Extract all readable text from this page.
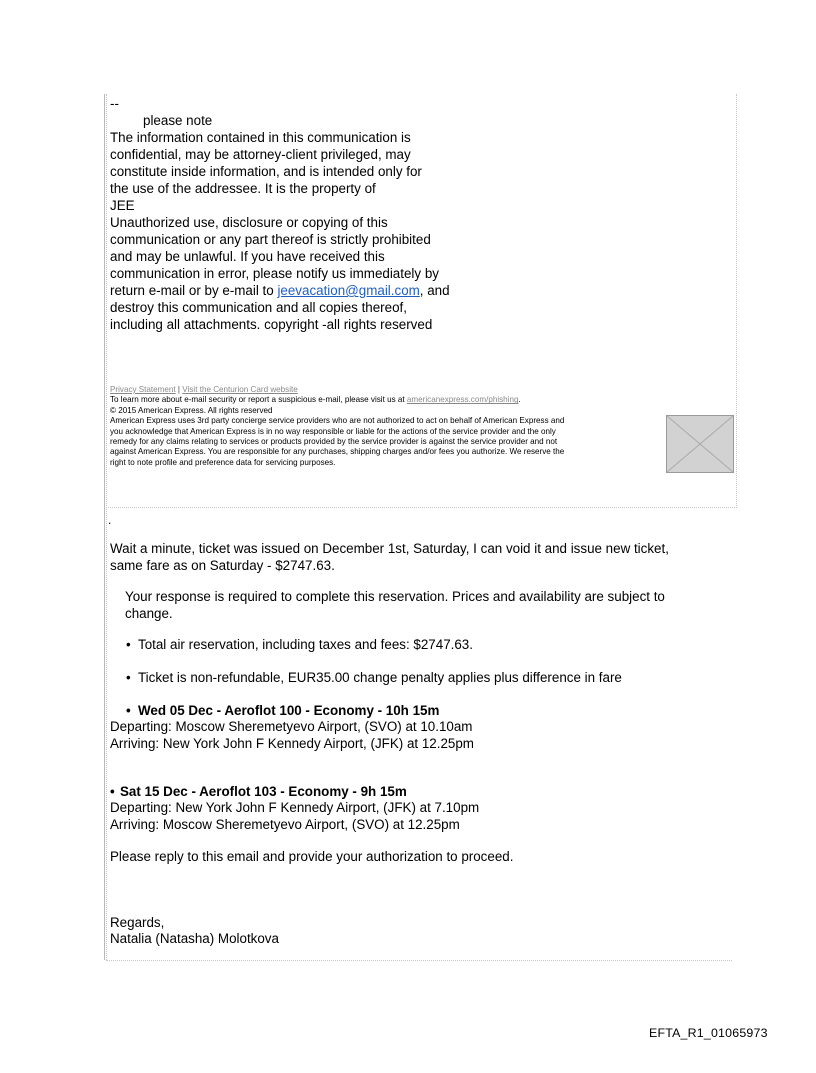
--
please note
The information contained in this communication is
confidential, may be attorney-client privileged, may
constitute inside information, and is intended only for
the use of the addressee. It is the property of
JEE
Unauthorized use, disclosure or copying of this
communication or any part thereof is strictly prohibited
and may be unlawful. If you have received this
communication in error, please notify us immediately by
return e-mail or by e-mail to jeevacation@gmail.com, and
destroy this communication and all copies thereof,
including all attachments. copyright -all rights reserved
Privacy Statement | Visit the Centurion Card website
To learn more about e-mail security or report a suspicious e-mail, please visit us at americanexpress.com/phishing.
© 2015 American Express. All rights reserved
American Express uses 3rd party concierge service providers who are not authorized to act on behalf of American Express and
you acknowledge that American Express is in no way responsible or liable for the actions of the service provider and the only
remedy for any claims relating to services or products provided by the service provider is against the service provider and not
against American Express. You are responsible for any purchases, shipping charges and/or fees you authorize. We reserve the
right to note profile and preference data for servicing purposes.
.
Wait a minute, ticket was issued on December 1st, Saturday, I can void it and issue new ticket,
same fare as on Saturday - $2747.63.
Your response is required to complete this reservation. Prices and availability are subject to
change.
• Total air reservation, including taxes and fees: $2747.63.
• Ticket is non-refundable, EUR35.00 change penalty applies plus difference in fare
• Wed 05 Dec - Aeroflot 100 - Economy - 10h 15m
Departing: Moscow Sheremetyevo Airport, (SVO) at 10.10am
Arriving: New York John F Kennedy Airport, (JFK) at 12.25pm
• Sat 15 Dec - Aeroflot 103 - Economy - 9h 15m
Departing: New York John F Kennedy Airport, (JFK) at 7.10pm
Arriving: Moscow Sheremetyevo Airport, (SVO) at 12.25pm
Please reply to this email and provide your authorization to proceed.
Regards,
Natalia (Natasha) Molotkova
EFTA_R1_01065973
